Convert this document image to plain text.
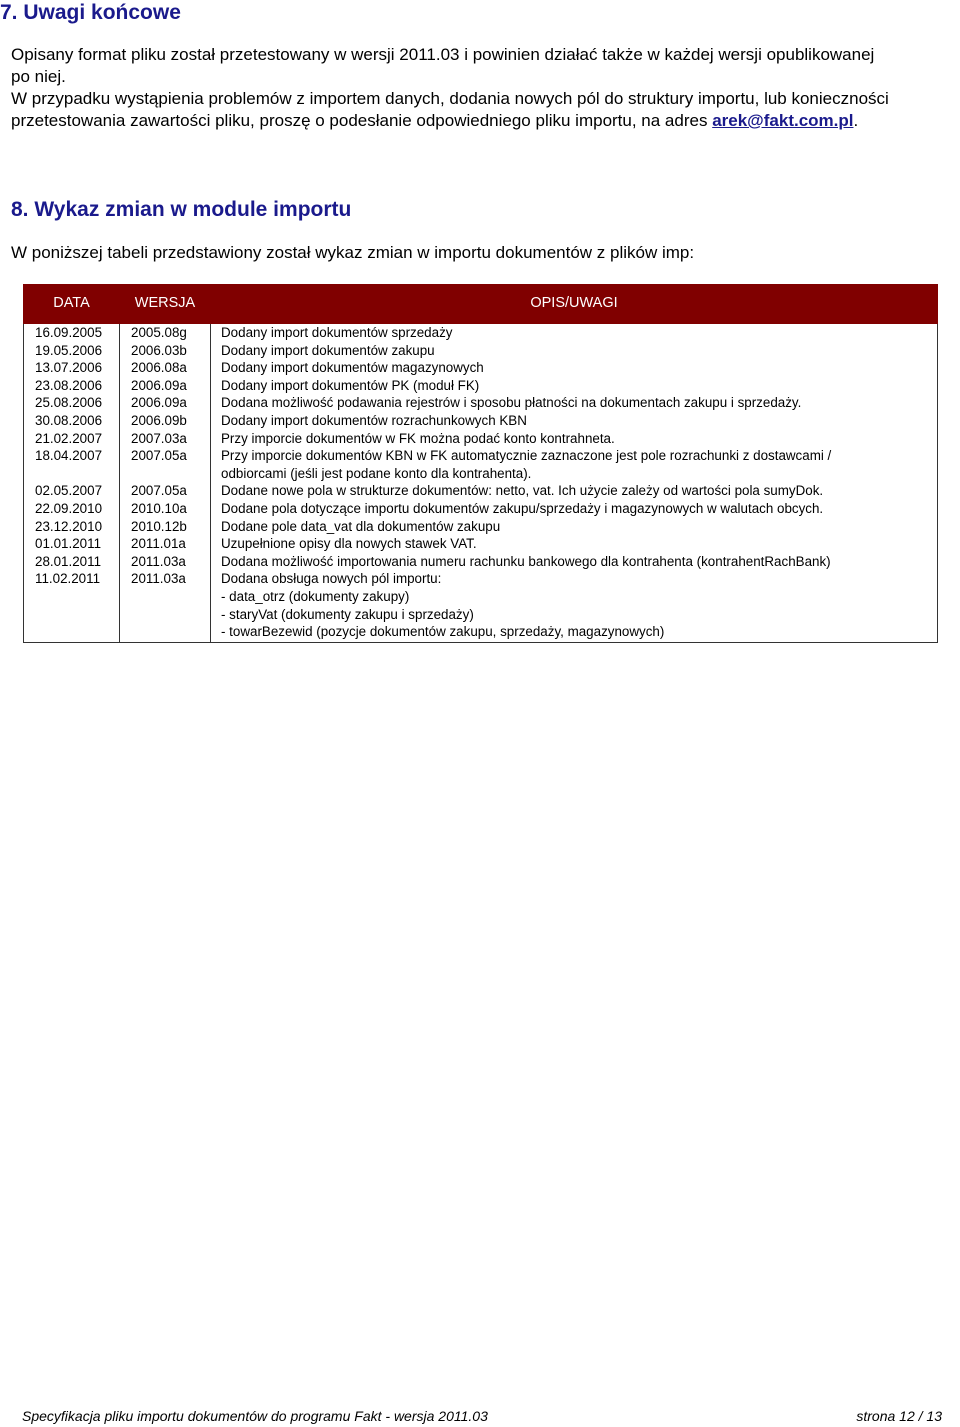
7. Uwagi końcowe

Opisany format pliku został przetestowany w wersji 2011.03 i powinien działać także w każdej wersji opublikowanej
po niej.

W przypadku wystąpienia problemów z importem danych, dodania nowych pól do struktury importu, lub konieczności
przetestowania zawartości pliku, proszę o podesłanie odpowiedniego pliku importu, na adres arek@fakt.com.pl.

8. Wykaz zmian w module importu
W poniższej tabeli przedstawiony został wykaz zmian w importu dokumentów z plików imp:
DATA	WERSJA	OPIS/UWAGI
16.09.2005	2005.08g	Dodany import dokumentów sprzedaży

19.05.2006	2006.03b	Dodany import dokumentów zakupu

13.07.2006	2006.08a	Dodany import dokumentów magazynowych

23.08.2006	2006.09a	Dodany import dokumentów PK (moduł FK)

25.08.2006	2006.09a	Dodana możliwość podawania rejestrów i sposobu płatności na dokumentach zakupu i sprzedaży.

30.08.2006	2006.09b	Dodany import dokumentów rozrachunkowych KBN

21.02.2007	2007.03a	Przy imporcie dokumentów w FK można podać konto kontrahneta.

18.04.2007	2007.05a	Przy imporcie dokumentów KBN w FK automatycznie zaznaczone jest pole rozrachunki z dostawcami /
odbiorcami (jeśli jest podane konto dla kontrahenta).

02.05.2007	2007.05a	Dodane nowe pola w strukturze dokumentów: netto, vat. Ich użycie zależy od wartości pola sumyDok.

22.09.2010	2010.10a	Dodane pola dotyczące importu dokumentów zakupu/sprzedaży i magazynowych w walutach obcych.

23.12.2010	2010.12b	Dodane pole data_vat dla dokumentów zakupu

01.01.2011	2011.01a	Uzupełnione opisy dla nowych stawek VAT.

28.01.2011	2011.03a	Dodana możliwość importowania numeru rachunku bankowego dla kontrahenta (kontrahentRachBank)

11.02.2011	2011.03a	Dodana obsługa nowych pól importu:
- data_otrz (dokumenty zakupy)
- staryVat (dokumenty zakupu i sprzedaży)
- towarBezewid (pozycje dokumentów zakupu, sprzedaży, magazynowych)
Specyfikacja pliku importu dokumentów do programu Fakt - wersja 2011.03	strona 12 / 13
